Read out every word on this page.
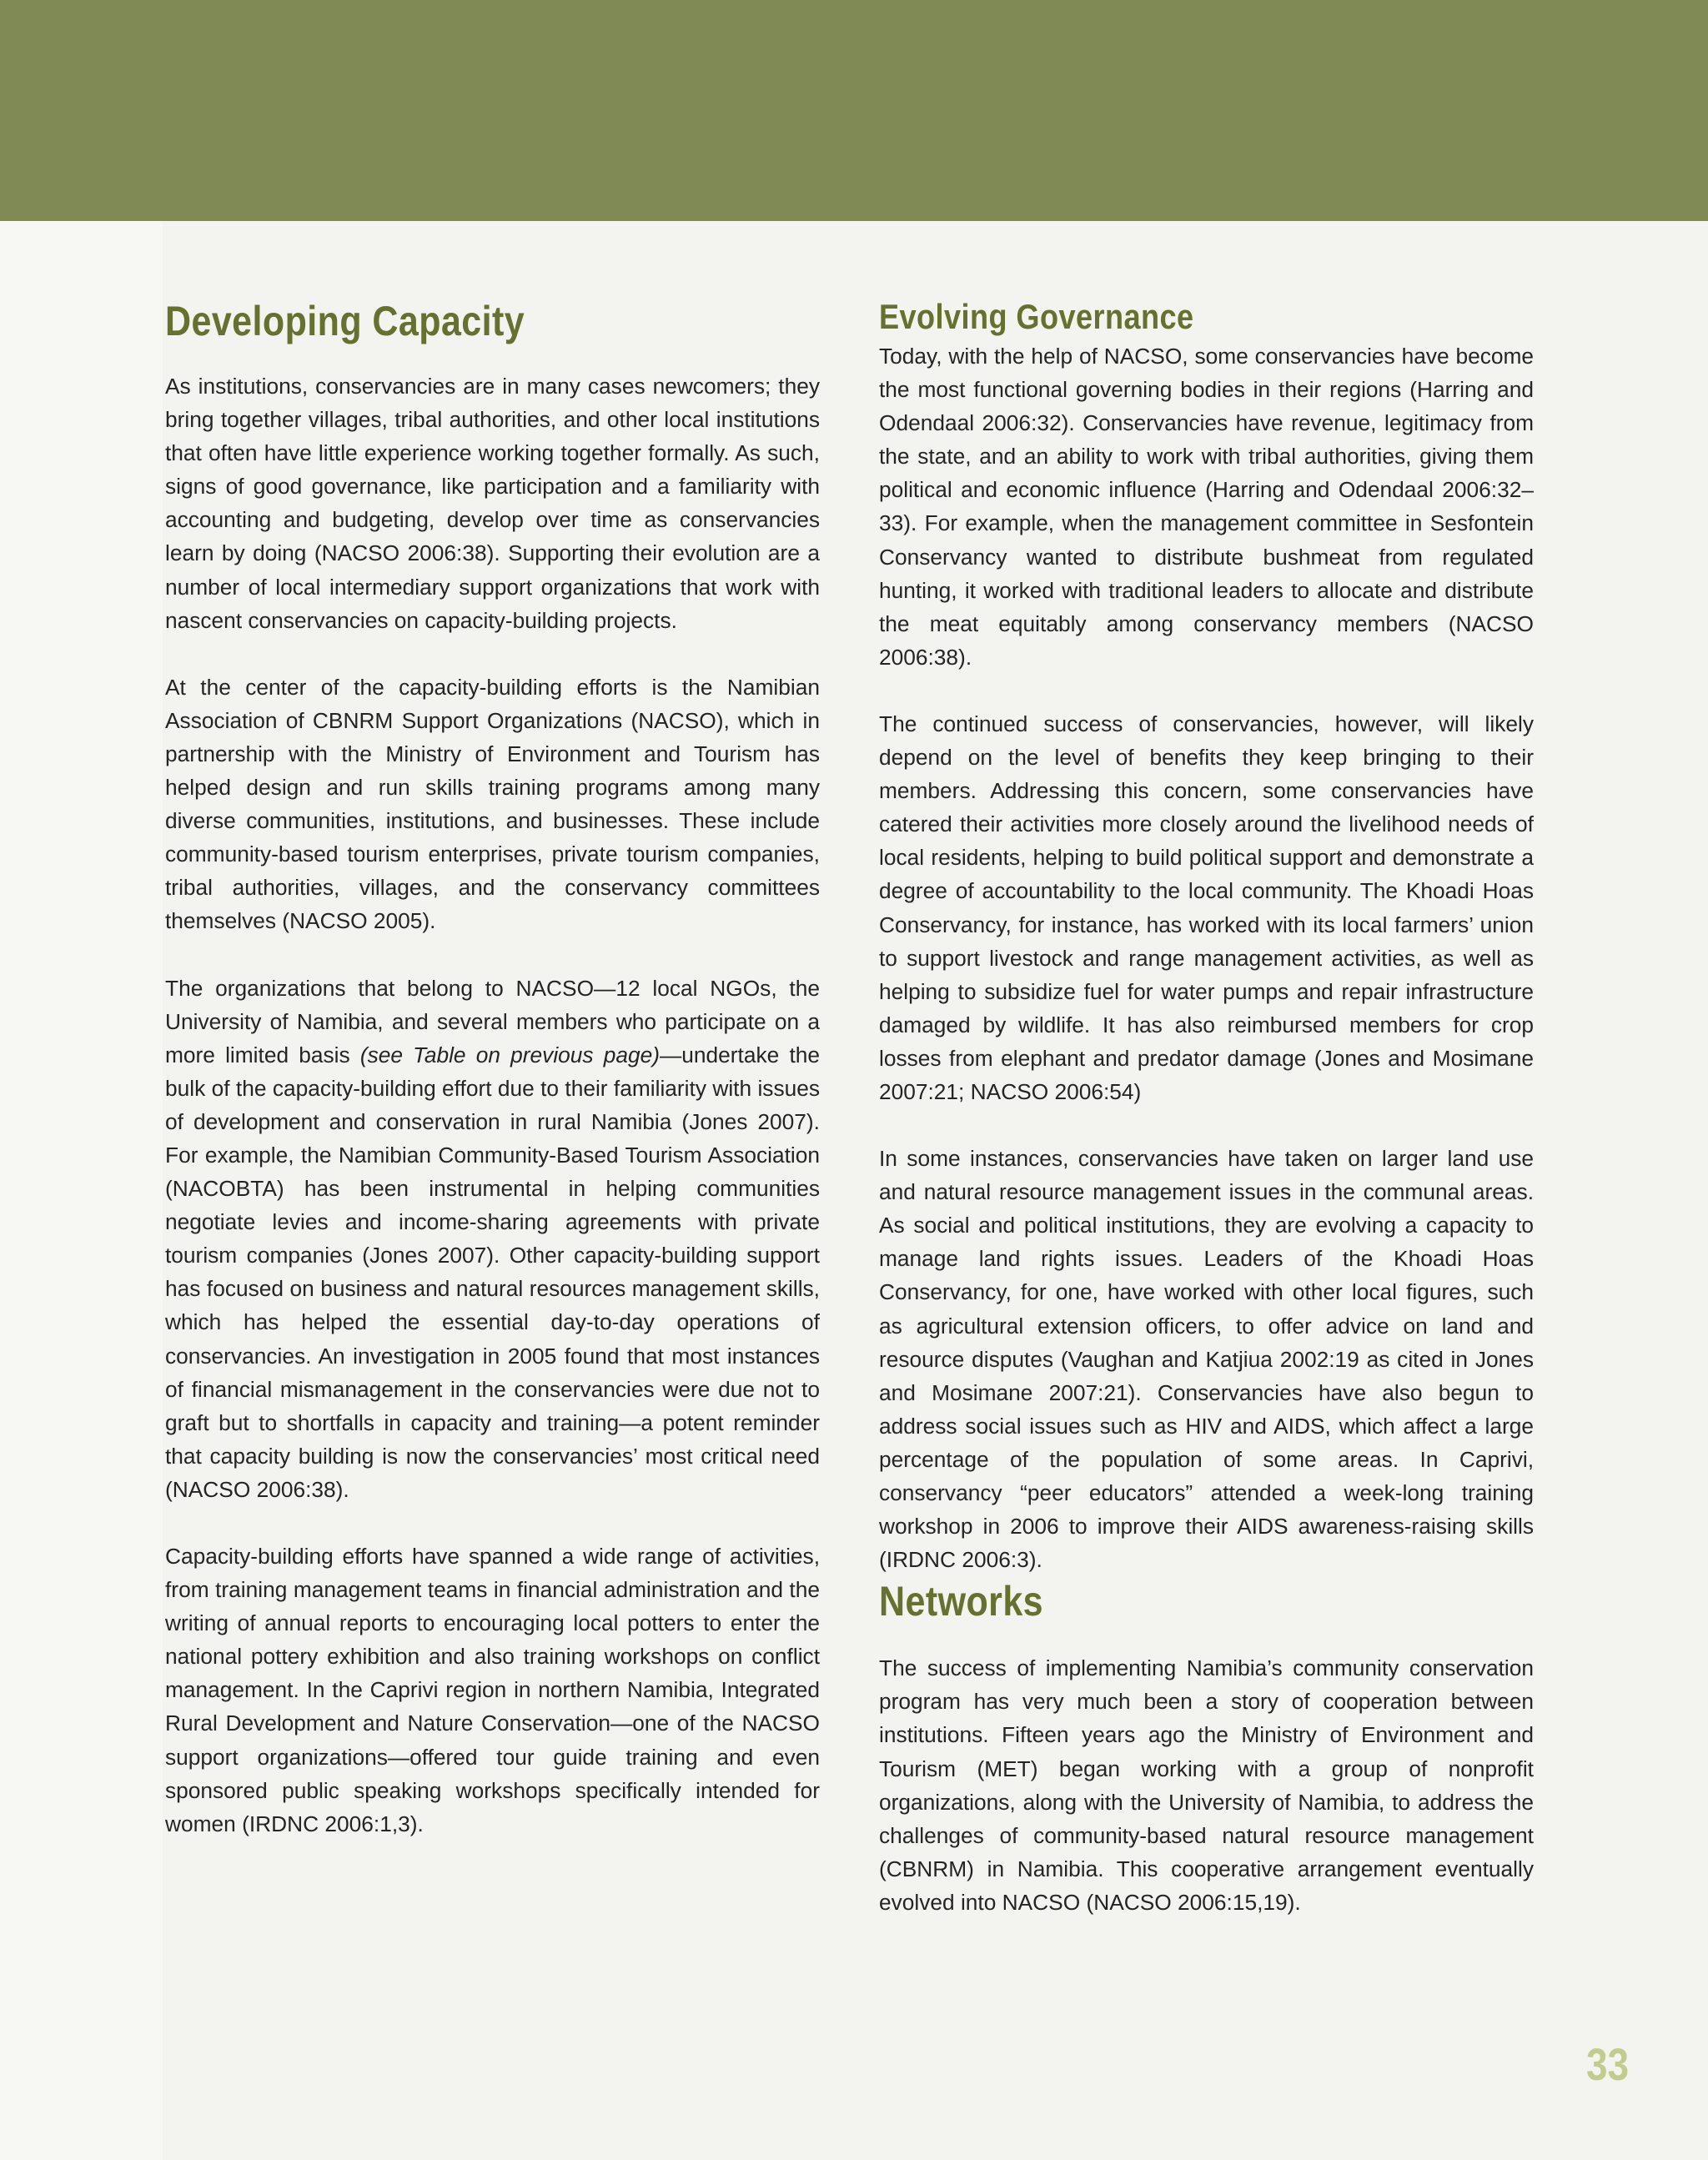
Developing Capacity

As institutions, conservancies are in many cases newcomers; they bring together villages, tribal authorities, and other local institutions that often have little experience working together formally. As such, signs of good governance, like participation and a familiarity with accounting and budgeting, develop over time as conservancies learn by doing (NACSO 2006:38). Supporting their evolution are a number of local intermediary support organizations that work with nascent conservancies on capacity-building projects.

At the center of the capacity-building efforts is the Namibian Association of CBNRM Support Organizations (NACSO), which in partnership with the Ministry of Environment and Tourism has helped design and run skills training programs among many diverse communities, institutions, and businesses. These include community-based tourism enterprises, private tourism companies, tribal authorities, villages, and the conservancy committees themselves (NACSO 2005).

The organizations that belong to NACSO—12 local NGOs, the University of Namibia, and several members who participate on a more limited basis (see Table on previous page)—undertake the bulk of the capacity-building effort due to their familiarity with issues of development and conservation in rural Namibia (Jones 2007). For example, the Namibian Community-Based Tourism Association (NACOBTA) has been instrumental in helping communities negotiate levies and income-sharing agreements with private tourism companies (Jones 2007). Other capacity-building support has focused on business and natural resources management skills, which has helped the essential day-to-day operations of conservancies. An investigation in 2005 found that most instances of financial mismanagement in the conservancies were due not to graft but to shortfalls in capacity and training—a potent reminder that capacity building is now the conservancies’ most critical need (NACSO 2006:38).

Capacity-building efforts have spanned a wide range of activities, from training management teams in financial administration and the writing of annual reports to encouraging local potters to enter the national pottery exhibition and also training workshops on conflict management. In the Caprivi region in northern Namibia, Integrated Rural Development and Nature Conservation—one of the NACSO support organizations—offered tour guide training and even sponsored public speaking workshops specifically intended for women (IRDNC 2006:1,3).

Evolving Governance

Today, with the help of NACSO, some conservancies have become the most functional governing bodies in their regions (Harring and Odendaal 2006:32). Conservancies have revenue, legitimacy from the state, and an ability to work with tribal authorities, giving them political and economic influence (Harring and Odendaal 2006:32–33). For example, when the management committee in Sesfontein Conservancy wanted to distribute bushmeat from regulated hunting, it worked with traditional leaders to allocate and distribute the meat equitably among conservancy members (NACSO 2006:38).

The continued success of conservancies, however, will likely depend on the level of benefits they keep bringing to their members. Addressing this concern, some conservancies have catered their activities more closely around the livelihood needs of local residents, helping to build political support and demonstrate a degree of accountability to the local community. The Khoadi Hoas Conservancy, for instance, has worked with its local farmers’ union to support livestock and range management activities, as well as helping to subsidize fuel for water pumps and repair infrastructure damaged by wildlife. It has also reimbursed members for crop losses from elephant and predator damage (Jones and Mosimane 2007:21; NACSO 2006:54)

In some instances, conservancies have taken on larger land use and natural resource management issues in the communal areas. As social and political institutions, they are evolving a capacity to manage land rights issues. Leaders of the Khoadi Hoas Conservancy, for one, have worked with other local figures, such as agricultural extension officers, to offer advice on land and resource disputes (Vaughan and Katjiua 2002:19 as cited in Jones and Mosimane 2007:21). Conservancies have also begun to address social issues such as HIV and AIDS, which affect a large percentage of the population of some areas. In Caprivi, conservancy “peer educators” attended a week-long training workshop in 2006 to improve their AIDS awareness-raising skills (IRDNC 2006:3).

Networks

The success of implementing Namibia’s community conservation program has very much been a story of cooperation between institutions. Fifteen years ago the Ministry of Environment and Tourism (MET) began working with a group of nonprofit organizations, along with the University of Namibia, to address the challenges of community-based natural resource management (CBNRM) in Namibia. This cooperative arrangement eventually evolved into NACSO (NACSO 2006:15,19).

33
